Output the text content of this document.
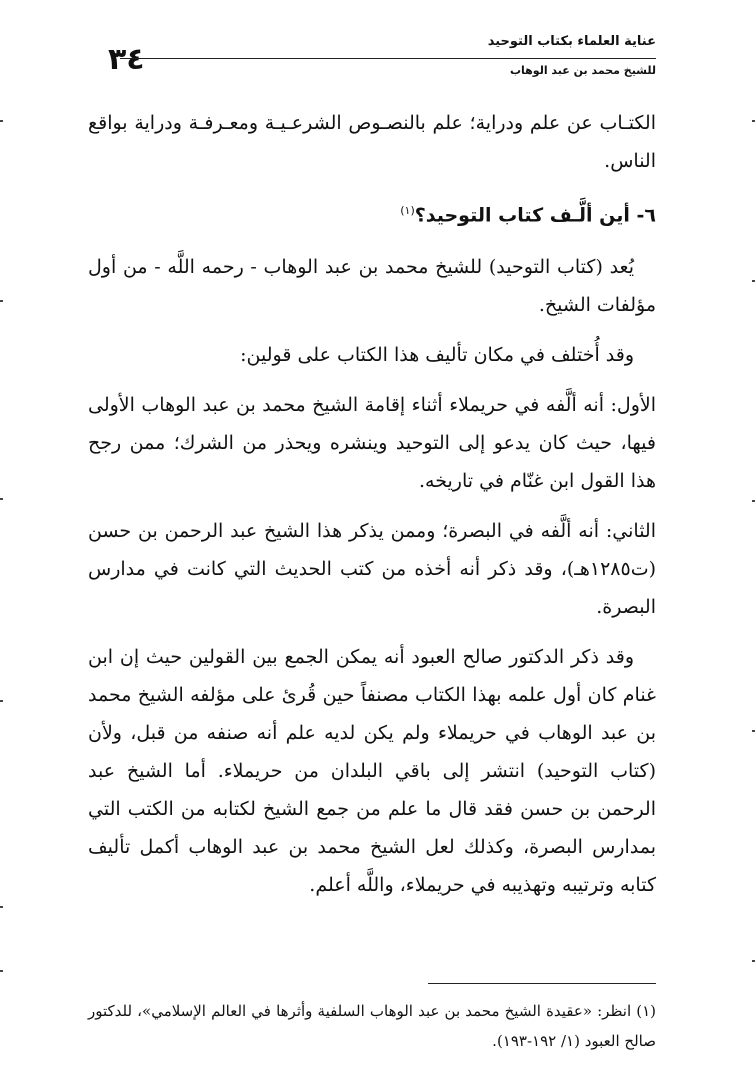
٣٤
عناية العلماء بكتاب التوحيد
للشيخ محمد بن عبد الوهاب

الكتـاب عن علم ودراية؛ علم بالنصـوص الشرعـيـة ومعـرفـة ودراية بواقع الناس.

٦- أين ألَّـف كتاب التوحيد؟$^{(١)}$

يُعد (كتاب التوحيد) للشيخ محمد بن عبد الوهاب - رحمه اللَّه - من أول مؤلفات الشيخ.

وقد أُختلف في مكان تأليف هذا الكتاب على قولين:

الأول: أنه ألَّفه في حريملاء أثناء إقامة الشيخ محمد بن عبد الوهاب الأولى فيها، حيث كان يدعو إلى التوحيد وينشره ويحذر من الشرك؛ ممن رجح هذا القول ابن غنّام في تاريخه.

الثاني: أنه ألَّفه في البصرة؛ وممن يذكر هذا الشيخ عبد الرحمن بن حسن (ت١٢٨٥هـ)، وقد ذكر أنه أخذه من كتب الحديث التي كانت في مدارس البصرة.

وقد ذكر الدكتور صالح العبود أنه يمكن الجمع بين القولين حيث إن ابن غنام كان أول علمه بهذا الكتاب مصنفاً حين قُرئ على مؤلفه الشيخ محمد بن عبد الوهاب في حريملاء ولم يكن لديه علم أنه صنفه من قبل، ولأن (كتاب التوحيد) انتشر إلى باقي البلدان من حريملاء. أما الشيخ عبد الرحمن بن حسن فقد قال ما علم من جمع الشيخ لكتابه من الكتب التي بمدارس البصرة، وكذلك لعل الشيخ محمد بن عبد الوهاب أكمل تأليف كتابه وترتيبه وتهذيبه في حريملاء، واللَّه أعلم.

(١) انظر: «عقيدة الشيخ محمد بن عبد الوهاب السلفية وأثرها في العالم الإسلامي»، للدكتور صالح العبود (١/ ١٩٢-١٩٣).
